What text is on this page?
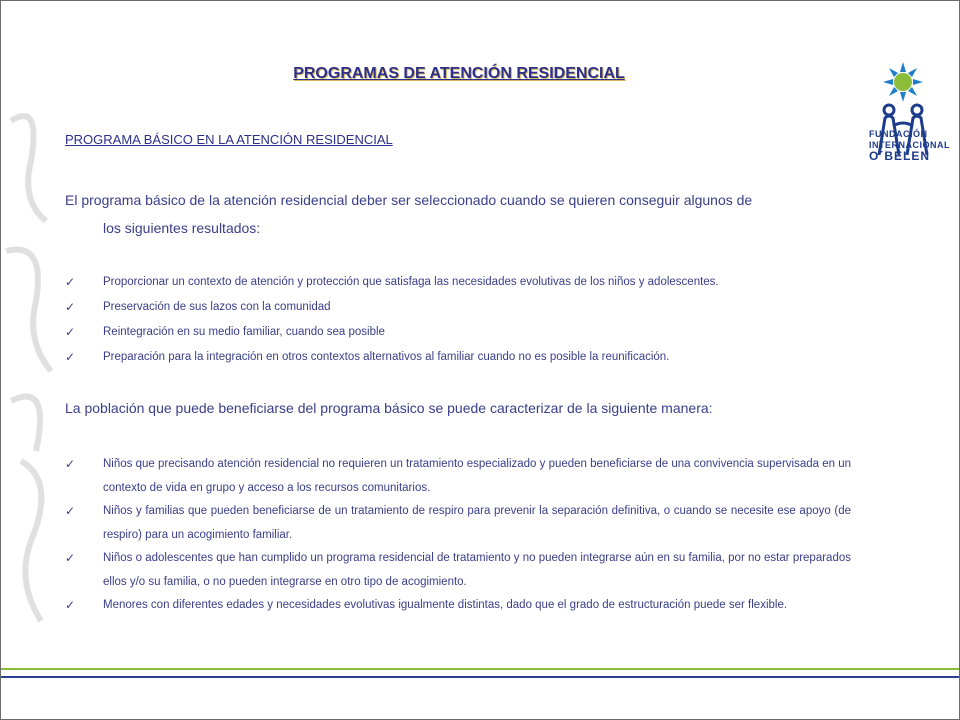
PROGRAMAS DE ATENCIÓN RESIDENCIAL
PROGRAMA BÁSICO EN LA ATENCIÓN RESIDENCIAL
El programa básico de la atención residencial deber ser seleccionado cuando se quieren conseguir algunos de
los siguientes resultados:
✓	Proporcionar un contexto de atención y protección que satisfaga las necesidades evolutivas de los niños y adolescentes.
✓	Preservación de sus lazos con la comunidad
✓	Reintegración en su medio familiar, cuando sea posible
✓	Preparación para la integración en otros contextos alternativos al familiar cuando no es posible la reunificación.
La población que puede beneficiarse del programa básico se puede caracterizar de la siguiente manera:
✓	Niños que precisando atención residencial no requieren un tratamiento especializado y pueden beneficiarse de una convivencia supervisada en un contexto de vida en grupo y acceso a los recursos comunitarios.
✓	Niños y familias que pueden beneficiarse de un tratamiento de respiro para prevenir la separación definitiva, o cuando se necesite ese apoyo (de respiro) para un acogimiento familiar.
✓	Niños o adolescentes que han cumplido un programa residencial de tratamiento y no pueden integrarse aún en su familia, por no estar preparados ellos y/o su familia, o no pueden integrarse en otro tipo de acogimiento.
✓	Menores con diferentes edades y necesidades evolutivas igualmente distintas, dado que el grado de estructuración puede ser flexible.
FUNDACIÓN
INTERNACIONAL
O´BELEN
